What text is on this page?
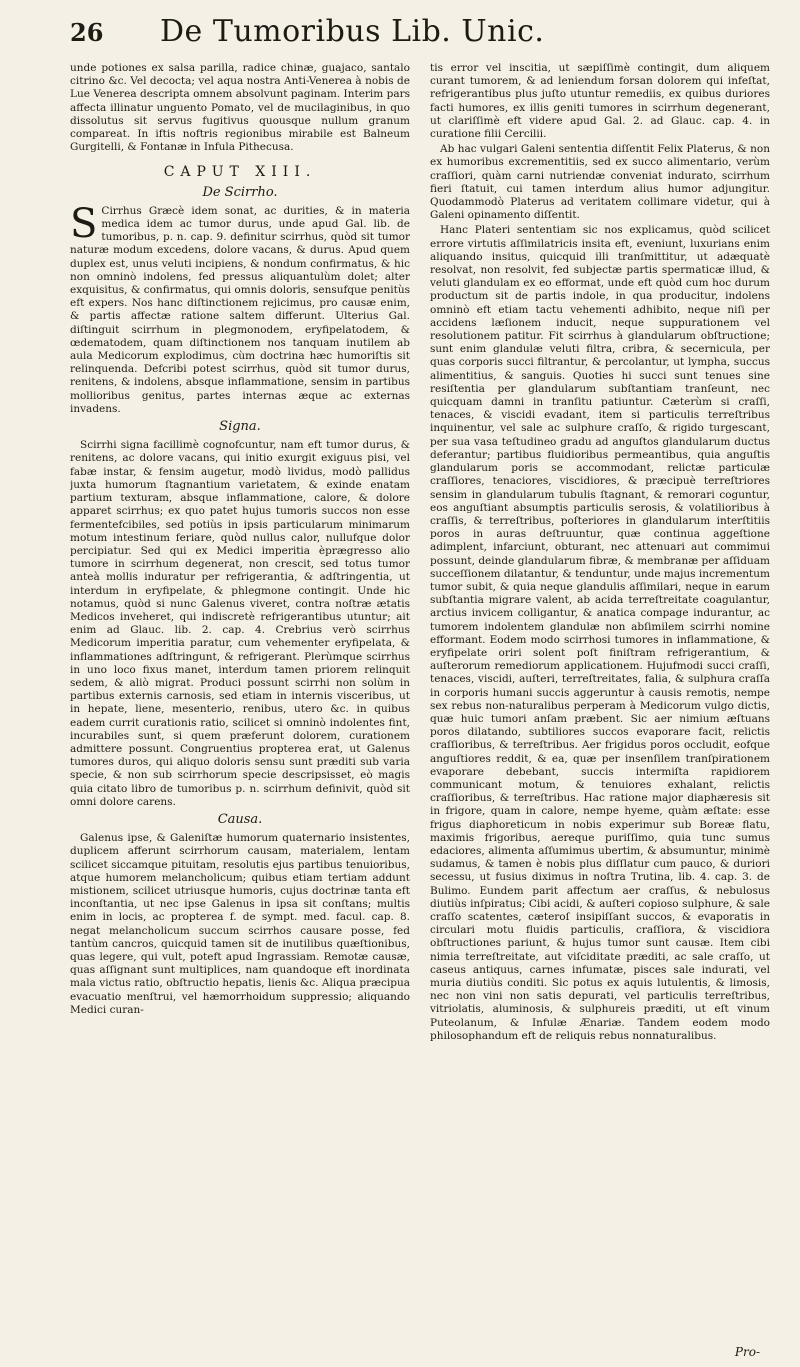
26 De Tumoribus Lib. Unic.

unde potiones ex salsa parilla, radice chinæ, guajaco, santalo citrino &c. Vel decocta; vel aqua nostra Anti-Venerea à nobis de Lue Venerea descripta omnem absolvunt paginam. Interim pars affecta illinatur unguento Pomato, vel de mucilaginibus, in quo dissolutus sit servus fugitivus quousque nullum granum compareat. In iftis noftris regionibus mirabile est Balneum Gurgitelli, & Fontanæ in Infula Pithecusa.

CAPUT XIII.
De Scirrho.

S Cirrhus Græcè idem sonat, ac durities, & in materia medica idem ac tumor durus, unde apud Gal. lib. de tumoribus, p. n. cap. 9. definitur scirrhus, quòd sit tumor naturæ modum excedens, dolore vacans, & durus. Apud quem duplex est, unus veluti incipiens, & nondum confirmatus, & hic non omninò indolens, fed pressus aliquantulùm dolet; alter exquisitus, & confirmatus, qui omnis doloris, sensufque penitùs eft expers. Nos hanc diſtinctionem rejicimus, pro causæ enim, & partis affectæ ratione saltem differunt. Ulterius Gal. diſtinguit scirrhum in plegmonodem, eryfipelatodem, & œdematodem, quam diſtinctionem nos tanquam inutilem ab aula Medicorum explodimus, cùm doctrina hæc humoriſtis sit relinquenda. Defcribi potest scirrhus, quòd sit tumor durus, renitens, & indolens, absque inflammatione, sensim in partibus mollioribus genitus, partes internas æque ac externas invadens.

Signa.

Scirrhi signa facillimè cognofcuntur, nam eft tumor durus, & renitens, ac dolore vacans, qui initio exurgit exiguus pisi, vel fabæ instar, & fensim augetur, modò lividus, modò pallidus juxta humorum ſtagnantium varietatem, & exinde enatam partium texturam, absque inflammatione, calore, & dolore apparet scirrhus; ex quo patet hujus tumoris succos non esse fermentefcibiles, sed potiùs in ipsis particularum minimarum motum intestinum feriare, quòd nullus calor, nullufque dolor percipiatur. Sed qui ex Medici imperitia èprægresso alio tumore in scirrhum degenerat, non crescit, sed totus tumor anteà mollis induratur per refrigerantia, & adſtringentia, ut interdum in eryfipelate, & phlegmone contingit. Unde hic notamus, quòd si nunc Galenus viveret, contra noſtræ ætatis Medicos inveheret, qui indiscretè refrigerantibus utuntur; ait enim ad Glauc. lib. 2. cap. 4. Crebrius verò scirrhus Medicorum imperitia paratur, cum vehementer eryfipelata, & inflammationes adſtringunt, & refrigerant. Plerùmque scirrhus in uno loco fixus manet, interdum tamen priorem relinquit sedem, & aliò migrat. Produci possunt scirrhi non solùm in partibus externis carnosis, sed etiam in internis visceribus, ut in hepate, liene, mesenterio, renibus, utero &c. in quibus eadem currit curationis ratio, scilicet si omninò indolentes fint, incurabiles sunt, si quem præferunt dolorem, curationem admittere possunt. Congruentius propterea erat, ut Galenus tumores duros, qui aliquo doloris sensu sunt præditi sub varia specie, & non sub scirrhorum specie descripsisset, eò magis quia citato libro de tumoribus p. n. scirrhum definivit, quòd sit omni dolore carens.

Causa.

Galenus ipse, & Galeniſtæ humorum quaternario insistentes, duplicem afferunt scirrhorum causam, materialem, lentam scilicet siccamque pituitam, resolutis ejus partibus tenuioribus, atque humorem melancholicum; quibus etiam tertiam addunt mistionem, scilicet utriusque humoris, cujus doctrinæ tanta eft inconſtantia, ut nec ipse Galenus in ipsa sit conſtans; multis enim in locis, ac propterea f. de sympt. med. facul. cap. 8. negat melancholicum succum scirrhos causare posse, fed tantùm cancros, quicquid tamen sit de inutilibus quæſtionibus, quas legere, qui vult, poteft apud Ingrassiam. Remotæ causæ, quas aſſignant sunt multiplices, nam quandoque eft inordinata mala victus ratio, obſtructio hepatis, lienis &c. Aliqua præcipua evacuatio menſtrui, vel hæmorrhoidum suppressio; aliquando Medici curan-

tis error vel inscitia, ut sæpiſſimè contingit, dum aliquem curant tumorem, & ad leniendum forsan dolorem qui infeſtat, refrigerantibus plus juſto utuntur remediis, ex quibus duriores facti humores, ex illis geniti tumores in scirrhum degenerant, ut clariſſimè eft videre apud Gal. 2. ad Glauc. cap. 4. in curatione filii Cercilii.

Ab hac vulgari Galeni sententia diſſentit Felix Platerus, & non ex humoribus excrementitiis, sed ex succo alimentario, verùm craſſiori, quàm carni nutriendæ conveniat indurato, scirrhum fieri ſtatuit, cui tamen interdum alius humor adjungitur. Quodammodò Platerus ad veritatem collimare videtur, qui à Galeni opinamento diſſentit.

Hanc Plateri sententiam sic nos explicamus, quòd scilicet errore virtutis aſſimilatricis insita eft, eveniunt, luxurians enim aliquando insitus, quicquid illi tranſmittitur, ut adæquatè resolvat, non resolvit, fed subjectæ partis spermaticæ illud, & veluti glandulam ex eo efformat, unde eft quòd cum hoc durum productum sit de partis indole, in qua producitur, indolens omninò eft etiam tactu vehementi adhibito, neque niſi per accidens læſionem inducit, neque suppurationem vel resolutionem patitur. Fit scirrhus à glandularum obſtructione; sunt enim glandulæ veluti filtra, cribra, & secernicula, per quas corporis succi filtrantur, & percolantur, ut lympha, succus alimentitius, & sanguis. Quoties hi succi sunt tenues sine resiſtentia per glandularum subſtantiam tranſeunt, nec quicquam damni in tranſitu patiuntur. Cæterùm si craſſi, tenaces, & viscidi evadant, item si particulis terreſtribus inquinentur, vel sale ac sulphure craſſo, & rigido turgescant, per sua vasa teſtudineo gradu ad anguſtos glandularum ductus deferantur; partibus fluidioribus permeantibus, quia anguſtis glandularum poris se accommodant, relictæ particulæ craſſiores, tenaciores, viscidiores, & præcipuè terreſtriores sensim in glandularum tubulis ſtagnant, & remorari coguntur, eos anguſtiant absumptis particulis serosis, & volatilioribus à craſſis, & terreſtribus, poſteriores in glandularum interſtitiis poros in auras deſtruuntur, quæ continua aggeſtione adimplent, infarciunt, obturant, nec attenuari aut commimui possunt, deinde glandularum fibræ, & membranæ per aſſiduam succeſſionem dilatantur, & tenduntur, unde majus incrementum tumor subit, & quia neque glandulis aſſimilari, neque in earum subſtantia migrare valent, ab acida terreſtreitate coagulantur, arctius invicem colligantur, & anatica compage indurantur, ac tumorem indolentem glandulæ non abſimilem scirrhi nomine efformant. Eodem modo scirrhosi tumores in inflammatione, & eryfipelate oriri solent poſt finiſtram refrigerantium, & auſterorum remediorum applicationem. Hujufmodi succi craſſi, tenaces, viscidi, auſteri, terreſtreitates, falia, & sulphura craſſa in corporis humani succis aggeruntur à causis remotis, nempe sex rebus non-naturalibus perperam à Medicorum vulgo dictis, quæ huic tumori anſam præbent. Sic aer nimium æſtuans poros dilatando, subtiliores succos evaporare facit, relictis craſſioribus, & terreſtribus. Aer frigidus poros occludit, eofque anguſtiores reddit, & ea, quæ per insenſilem tranſpirationem evaporare debebant, succis intermiſta rapidiorem communicant motum, & tenuiores exhalant, relictis craſſioribus, & terreſtribus. Hac ratione major diaphæresis sit in frigore, quam in calore, nempe hyeme, quàm æſtate: esse frigus diaphoreticum in nobis experimur sub Boreæ flatu, maximis frigoribus, aereque puriſſimo, quia tunc sumus edaciores, alimenta aſſumimus ubertim, & absumuntur, minimè sudamus, & tamen è nobis plus diſſlatur cum pauco, & duriori secessu, ut fusius diximus in noſtra Trutina, lib. 4. cap. 3. de Bulimo. Eundem parit affectum aer craſſus, & nebulosus diutiùs inſpiratus; Cibi acidi, & auſteri copioso sulphure, & sale craſſo scatentes, cæteroſ insipiſſant succos, & evaporatis in circulari motu fluidis particulis, craſſiora, & viscidiora obſtructiones pariunt, & hujus tumor sunt causæ. Item cibi nimia terreſtreitate, aut viſciditate præditi, ac sale craſſo, ut caseus antiquus, carnes infumatæ, pisces sale indurati, vel muria diutiùs conditi. Sic potus ex aquis lutulentis, & limosis, nec non vini non satis depurati, vel particulis terreſtribus, vitriolatis, aluminosis, & sulphureis præditi, ut eſt vinum Puteolanum, & Infulæ Ænariæ. Tandem eodem modo philosophandum eft de reliquis rebus nonnaturalibus.

Pro-
